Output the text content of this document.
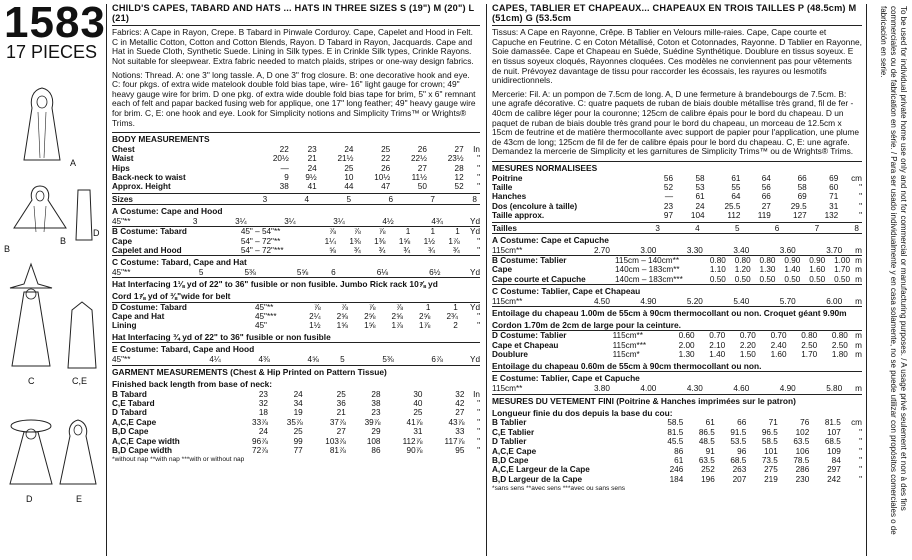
1583
17 PIECES
A
B
B
D
C	C,E
D	E
CHILD'S CAPES, TABARD AND HATS ... HATS IN THREE SIZES S (19") M (20") L (21)

Fabrics: A Cape in Rayon, Crepe. B Tabard in Pinwale Corduroy. Cape, Capelet and Hood in Felt. C in Metallic Cotton, Cotton and Cotton Blends, Rayon. D Tabard in Rayon, Jacquards. Cape and Hat in Suede Cloth, Synthetic Suede. Lining in Silk types. E in Crinkle Silk types, Crinkle Rayons. Not suitable for sleepwear. Extra fabric needed to match plaids, stripes or one-way design fabrics.

Notions: Thread. A: one 3" long tassle. A, D one 3" frog closure. B: one decorative hook and eye. C: four pkgs. of extra wide matelook double fold bias tape, wire- 16" light gauge for crown; 49" heavy gauge wire for brim. D one pkg. of extra wide double fold bias tape for brim, 5" x 6" remnant each of felt and papar backed fusing web for applique, one 17" long feather; 49" heavy gauge wire for brim. C, E: one hook and eye. Look for Simplicity notions and Simplicity Trims™ or Wrights® Trims.

BODY MEASUREMENTS
Chest	22	23	24	25	26	27	In
Waist	20½	21	21½	22	22½	23½	"
Hips	—	24	25	26	27	28	"
Back-neck to waist	9	9½	10	10½	11½	12	"
Approx. Height	38	41	44	47	50	52	"
Sizes	3	4	5	6	7	8	
A Costume: Cape and Hood
	45"**	3	3¼	3¼	3¼	4½	4¾	Yd
B Costume: Tabard	45" – 54"**	⅞	⅞	⅞	1	1	1	Yd
Cape	54" – 72"**	1¼	1⅜	1⅜	1⅝	1½	1⅞	"
Capelet and Hood	54" – 72"***	⅝	¾	¾	¾	¾	¾	"
C Costume: Tabard, Cape and Hat
	45"**	5	5⅜	5⅝	6	6⅛	6½	Yd
Hat Interfacing 1⅛ yd of 22" to 36" fusible or non fusible. Jumbo Rick rack 10⅞ yd
Cord 1⅞ yd of ⅜"wide for belt
D Costume: Tabard	45"**	⅞	⅞	⅞	⅞	1	1	Yd
Cape and Hat	45"***	2¼	2⅝	2⅝	2⅝	2⅝	2¾	"
Lining	45"	1½	1⅝	1⅝	1⅞	1⅞	2	"
Hat Interfacing ¾ yd of 22" to 36" fusible or non fusible
E Costume: Tabard, Cape and Hood
	45"**	4¼	4⅜	4⅝	5	5⅜	6⅞	Yd
GARMENT MEASUREMENTS (Chest & Hip Printed on Pattern Tissue)
Finished back length from base of neck:
B Tabard	23	24	25	28	30	32	In
C,E Tabard	32	34	36	38	40	42	"
D Tabard	18	19	21	23	25	27	"
A,C,E Cape	33⅞	35⅞	37⅞	39⅞	41⅞	43⅞	"
B,D Cape	24	25	27	29	31	33	"
A,C,E Cape width	96⅞	99	103⅞	108	112⅞	117⅞	"
B,D Cape width	72⅞	77	81⅞	86	90⅞	95	"
*without nap **with nap ***with or without nap
CAPES, TABLIER ET CHAPEAUX... CHAPEAUX EN TROIS TAILLES P (48.5cm) M (51cm) G (53.5cm

Tissus: A Cape en Rayonne, Crêpe. B Tablier en Velours mille-raies. Cape, Cape courte et Capuche en Feutrine. C en Coton Métallisé, Coton et Cotonnades, Rayonne. D Tablier en Rayonne, Soie damassée. Cape et Chapeau en Suède, Suédine Synthétique. Doublure en tissus soyeux. E en tissus soyeux cloqués, Rayonnes cloquées. Ces modèles ne conviennent pas pour vêtements de nuit. Prévoyez davantage de tissu pour raccorder les écossais, les rayures ou lesmotifs unidirectionnels.

Mercerie: Fil. A: un pompon de 7.5cm de long. A, D une fermeture à brandebourgs de 7.5cm. B: une agrafe décorative. C: quatre paquets de ruban de biais double métallise très grand, fil de fer - 40cm de calibre léger pour la couronne; 125cm de calibre épais pour le bord du chapeau. D un paquet de ruban de biais double très grand pour le bord du chapeau, un morceau de 12.5cm x 15cm de feutrine et de matière thermocollante avec support de papier pour l'application, une plume de 43cm de long; 125cm de fil de fer de calibre épais pour le bord du chapeau. C, E: une agrafe. Demandez la mercerie de Simplicity et les garnitures de Simplicity Trims™ ou de Wrights® Trims.

MESURES NORMALISEES
Poitrine	56	58	61	64	66	69	cm
Taille	52	53	55	56	58	60	"
Hanches	—	61	64	66	69	71	"
Dos (encolure à taille)	23	24	25.5	27	29.5	31	"
Taille approx.	97	104	112	119	127	132	"
Tailles	3	4	5	6	7	8	
A Costume: Cape et Capuche
	115cm**	2.70	3.00	3.30	3.40	3.60	3.70	m
B Costume: Tablier	115cm – 140cm**	0.80	0.80	0.80	0.90	0.90	1.00	m
Cape	140cm – 183cm**	1.10	1.20	1.30	1.40	1.60	1.70	m
Cape courte et Capuche	140cm – 183cm***	0.50	0.50	0.50	0.50	0.50	0.50	m
C Costume: Tablier, Cape et Chapeau
	115cm**	4.50	4.90	5.20	5.40	5.70	6.00	m
Entoilage du chapeau 1.00m de 55cm à 90cm thermocollant ou non. Croquet géant 9.90m
Cordon 1.70m de 2cm de large pour la ceinture.
D Costume: Tablier	115cm**	0.60	0.70	0.70	0.70	0.80	0.80	m
Cape et Chapeau	115cm***	2.00	2.10	2.20	2.40	2.50	2.50	m
Doublure	115cm*	1.30	1.40	1.50	1.60	1.70	1.80	m
Entoilage du chapeau 0.60m de 55cm à 90cm thermocollant ou non.
E Costume: Tablier, Cape et Capuche
	115cm**	3.80	4.00	4.30	4.60	4.90	5.80	m
MESURES DU VETEMENT FINI (Poitrine & Hanches imprimées sur le patron)
Longueur finie du dos depuis la base du cou:
B Tablier	58.5	61	66	71	76	81.5	cm
C,E Tablier	81.5	86.5	91.5	96.5	102	107	"
D Tablier	45.5	48.5	53.5	58.5	63.5	68.5	"
A,C,E Cape	86	91	96	101	106	109	"
B,D Cape	61	63.5	68.5	73.5	78.5	84	"
A,C,E Largeur de la Cape	246	252	263	275	286	297	"
B,D Largeur de la Cape	184	196	207	219	230	242	"
*sans sens **avec sens ***avec ou sans sens	To be used for individual private home use only and not for commercial or manufacturing purposes. / A usage privé seulement et non à des fins commerciales ou de fabrication en série. / Para ser usado individualmente y en casa solamente, no se puede utilizar con propósitos comerciales o de fabricación en serie.
